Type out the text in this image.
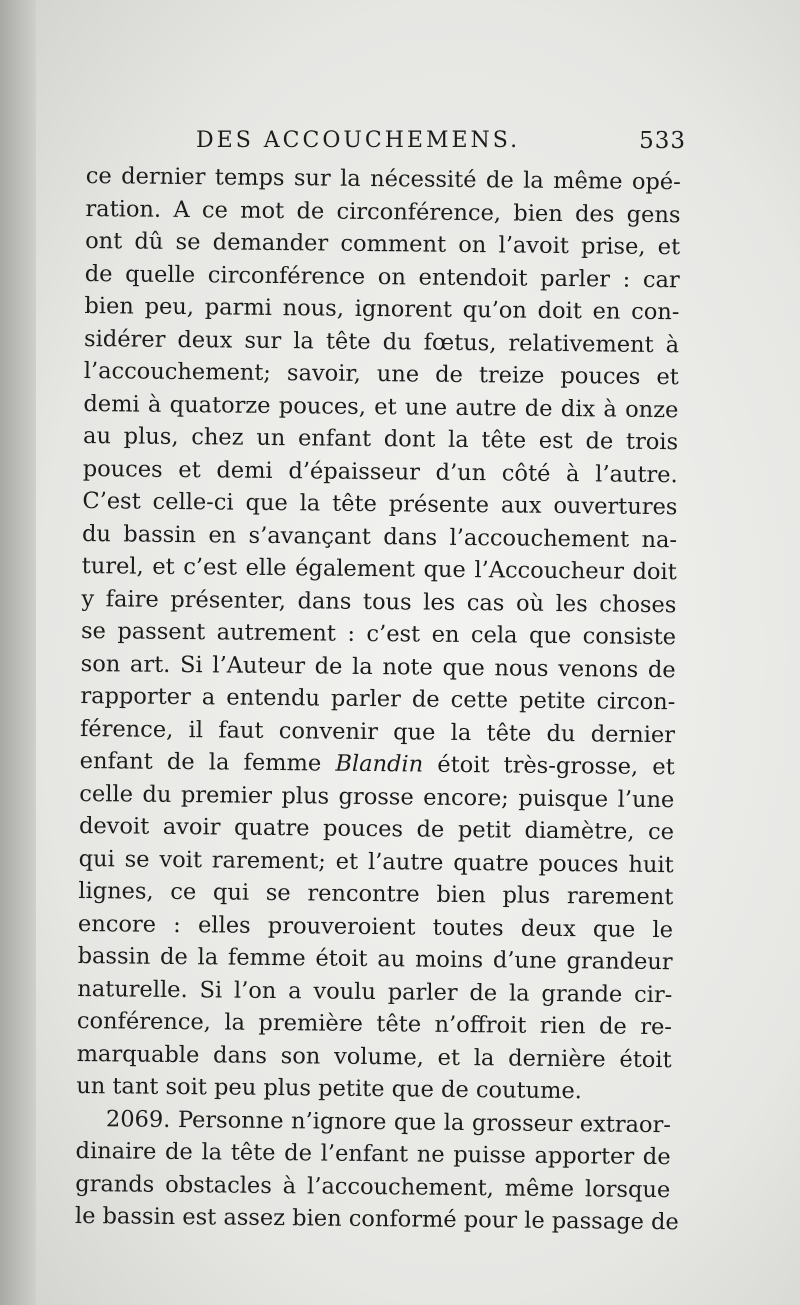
DES ACCOUCHEMENS.	533
ce dernier temps sur la nécessité de la même opé-
ration. A ce mot de circonférence, bien des gens
ont dû se demander comment on l’avoit prise, et
de quelle circonférence on entendoit parler : car
bien peu, parmi nous, ignorent qu’on doit en con-
sidérer deux sur la tête du fœtus, relativement à
l’accouchement; savoir, une de treize pouces et
demi à quatorze pouces, et une autre de dix à onze
au plus, chez un enfant dont la tête est de trois
pouces et demi d’épaisseur d’un côté à l’autre.
C’est celle-ci que la tête présente aux ouvertures
du bassin en s’avançant dans l’accouchement na-
turel, et c’est elle également que l’Accoucheur doit
y faire présenter, dans tous les cas où les choses
se passent autrement : c’est en cela que consiste
son art. Si l’Auteur de la note que nous venons de
rapporter a entendu parler de cette petite circon-
férence, il faut convenir que la tête du dernier
enfant de la femme Blandin étoit très-grosse, et
celle du premier plus grosse encore; puisque l’une
devoit avoir quatre pouces de petit diamètre, ce
qui se voit rarement; et l’autre quatre pouces huit
lignes, ce qui se rencontre bien plus rarement
encore : elles prouveroient toutes deux que le
bassin de la femme étoit au moins d’une grandeur
naturelle. Si l’on a voulu parler de la grande cir-
conférence, la première tête n’offroit rien de re-
marquable dans son volume, et la dernière étoit
un tant soit peu plus petite que de coutume.
2069. Personne n’ignore que la grosseur extraor-
dinaire de la tête de l’enfant ne puisse apporter de
grands obstacles à l’accouchement, même lorsque
le bassin est assez bien conformé pour le passage de
